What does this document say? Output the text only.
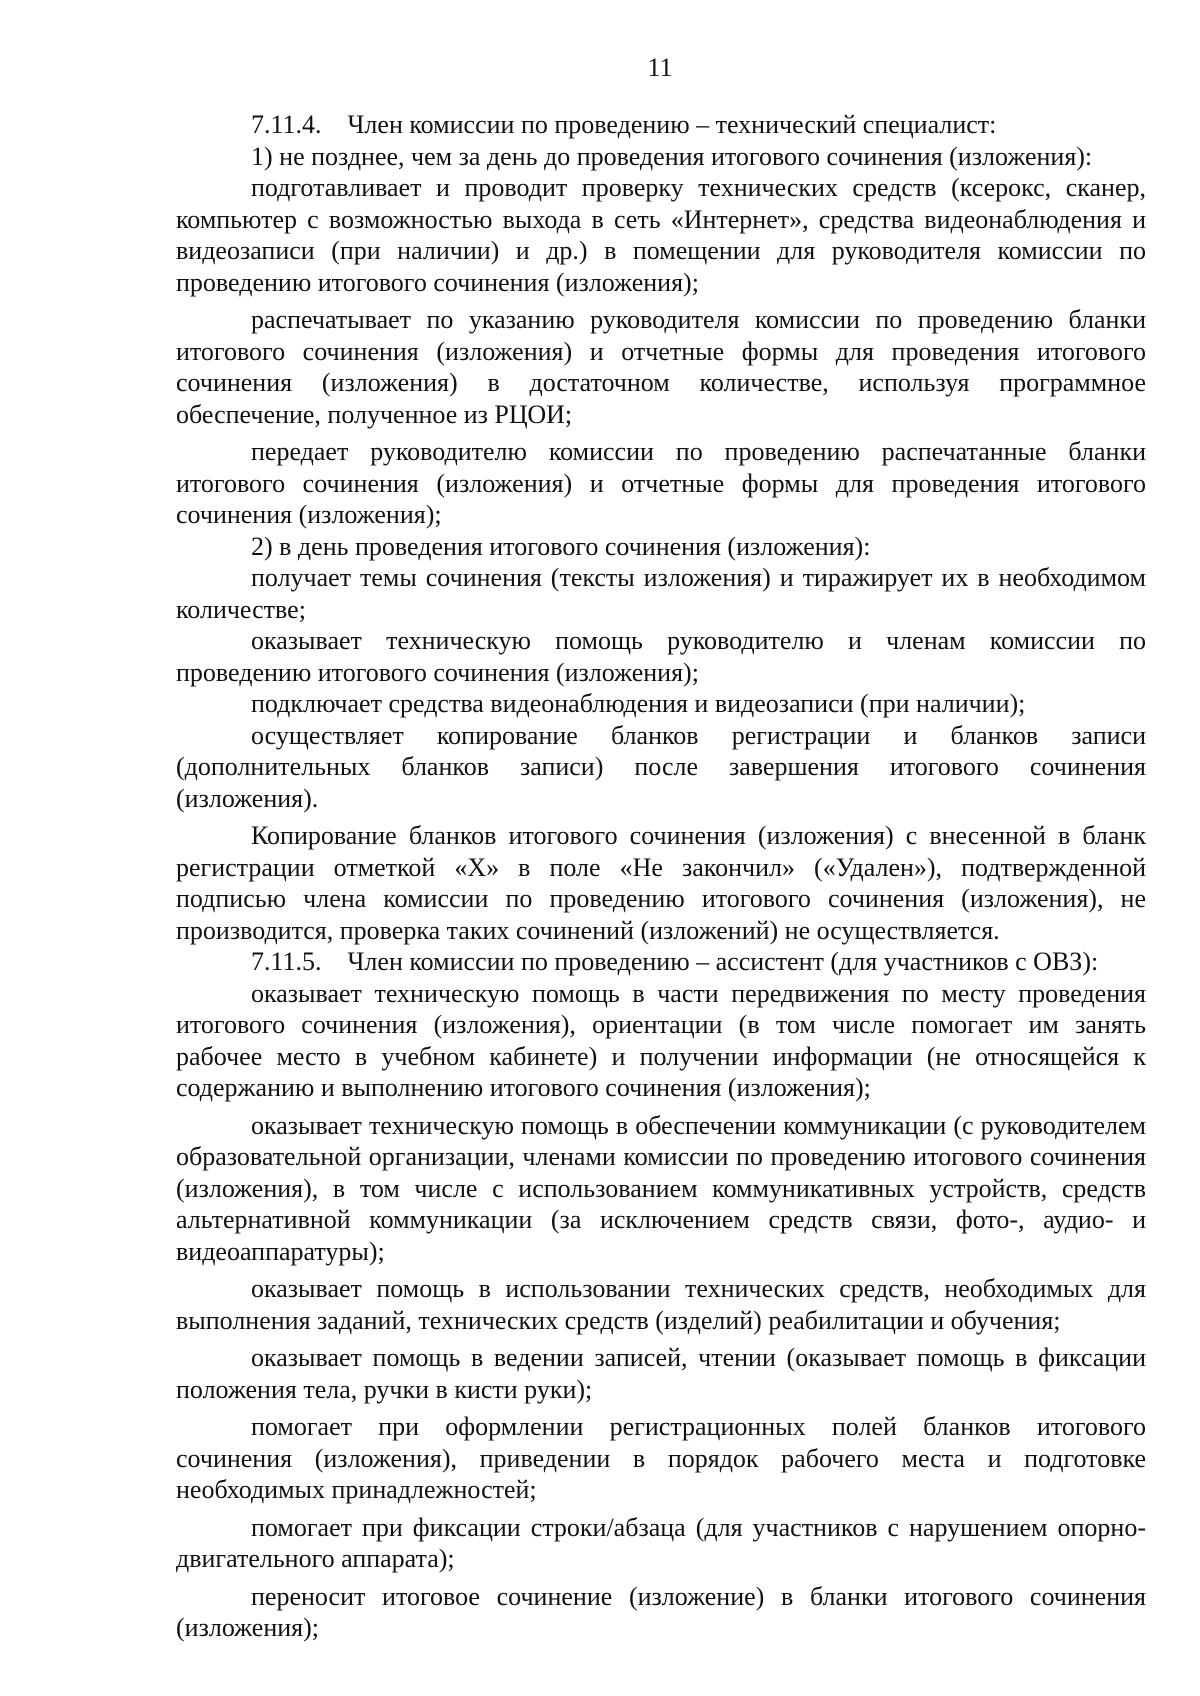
11

7.11.4. Член комиссии по проведению – технический специалист:

1) не позднее, чем за день до проведения итогового сочинения (изложения):

подготавливает и проводит проверку технических средств (ксерокс, сканер, компьютер с возможностью выхода в сеть «Интернет», средства видеонаблюдения и видеозаписи (при наличии) и др.) в помещении для руководителя комиссии по проведению итогового сочинения (изложения);

распечатывает по указанию руководителя комиссии по проведению бланки итогового сочинения (изложения) и отчетные формы для проведения итогового сочинения (изложения) в достаточном количестве, используя программное обеспечение, полученное из РЦОИ;

передает руководителю комиссии по проведению распечатанные бланки итогового сочинения (изложения) и отчетные формы для проведения итогового сочинения (изложения);

2) в день проведения итогового сочинения (изложения):

получает темы сочинения (тексты изложения) и тиражирует их в необходимом количестве;

оказывает техническую помощь руководителю и членам комиссии по проведению итогового сочинения (изложения);

подключает средства видеонаблюдения и видеозаписи (при наличии);

осуществляет копирование бланков регистрации и бланков записи (дополнительных бланков записи) после завершения итогового сочинения (изложения).

Копирование бланков итогового сочинения (изложения) с внесенной в бланк регистрации отметкой «Х» в поле «Не закончил» («Удален»), подтвержденной подписью члена комиссии по проведению итогового сочинения (изложения), не производится, проверка таких сочинений (изложений) не осуществляется.

7.11.5. Член комиссии по проведению – ассистент (для участников с ОВЗ):

оказывает техническую помощь в части передвижения по месту проведения итогового сочинения (изложения), ориентации (в том числе помогает им занять рабочее место в учебном кабинете) и получении информации (не относящейся к содержанию и выполнению итогового сочинения (изложения);

оказывает техническую помощь в обеспечении коммуникации (с руководителем образовательной организации, членами комиссии по проведению итогового сочинения (изложения), в том числе с использованием коммуникативных устройств, средств альтернативной коммуникации (за исключением средств связи, фото-, аудио- и видеоаппаратуры);

оказывает помощь в использовании технических средств, необходимых для выполнения заданий, технических средств (изделий) реабилитации и обучения;

оказывает помощь в ведении записей, чтении (оказывает помощь в фиксации положения тела, ручки в кисти руки);

помогает при оформлении регистрационных полей бланков итогового сочинения (изложения), приведении в порядок рабочего места и подготовке необходимых принадлежностей;

помогает при фиксации строки/абзаца (для участников с нарушением опорно-двигательного аппарата);

переносит итоговое сочинение (изложение) в бланки итогового сочинения (изложения);
